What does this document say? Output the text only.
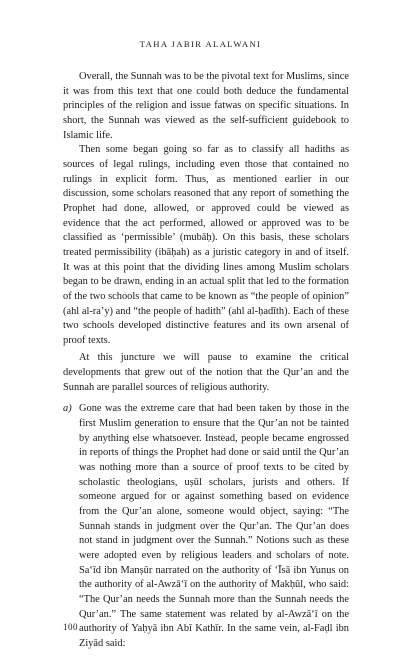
TAHA JABIR ALALWANI

Overall, the Sunnah was to be the pivotal text for Muslims, since it was from this text that one could both deduce the fundamental principles of the religion and issue fatwas on specific situations. In short, the Sunnah was viewed as the self-sufficient guidebook to Islamic life.

Then some began going so far as to classify all hadiths as sources of legal rulings, including even those that contained no rulings in explicit form. Thus, as mentioned earlier in our discussion, some scholars reasoned that any report of something the Prophet had done, allowed, or approved could be viewed as evidence that the act performed, allowed or approved was to be classified as ‘permissible’ (mubāḥ). On this basis, these scholars treated permissibility (ibāḥah) as a juristic category in and of itself. It was at this point that the dividing lines among Muslim scholars began to be drawn, ending in an actual split that led to the formation of the two schools that came to be known as “the people of opinion” (ahl al-ra’y) and “the people of hadith” (ahl al-ḥadīth). Each of these two schools developed distinctive features and its own arsenal of proof texts.

At this juncture we will pause to examine the critical developments that grew out of the notion that the Qur’an and the Sunnah are parallel sources of religious authority.

a) Gone was the extreme care that had been taken by those in the first Muslim generation to ensure that the Qur’an not be tainted by anything else whatsoever. Instead, people became engrossed in reports of things the Prophet had done or said until the Qur’an was nothing more than a source of proof texts to be cited by scholastic theologians, uṣūl scholars, jurists and others. If someone argued for or against something based on evidence from the Qur’an alone, someone would object, saying: “The Sunnah stands in judgment over the Qur’an. The Qur’an does not stand in judgment over the Sunnah.” Notions such as these were adopted even by religious leaders and scholars of note. Sa‘īd ibn Manṣūr narrated on the authority of ‘Īsā ibn Yunus on the authority of al-Awzā‘ī on the authority of Makḥūl, who said: “The Qur’an needs the Sunnah more than the Sunnah needs the Qur’an.” The same statement was related by al-Awzā‘ī on the authority of Yaḥyā ibn Abī Kathīr. In the same vein, al-Faḍl ibn Ziyād said:

100
